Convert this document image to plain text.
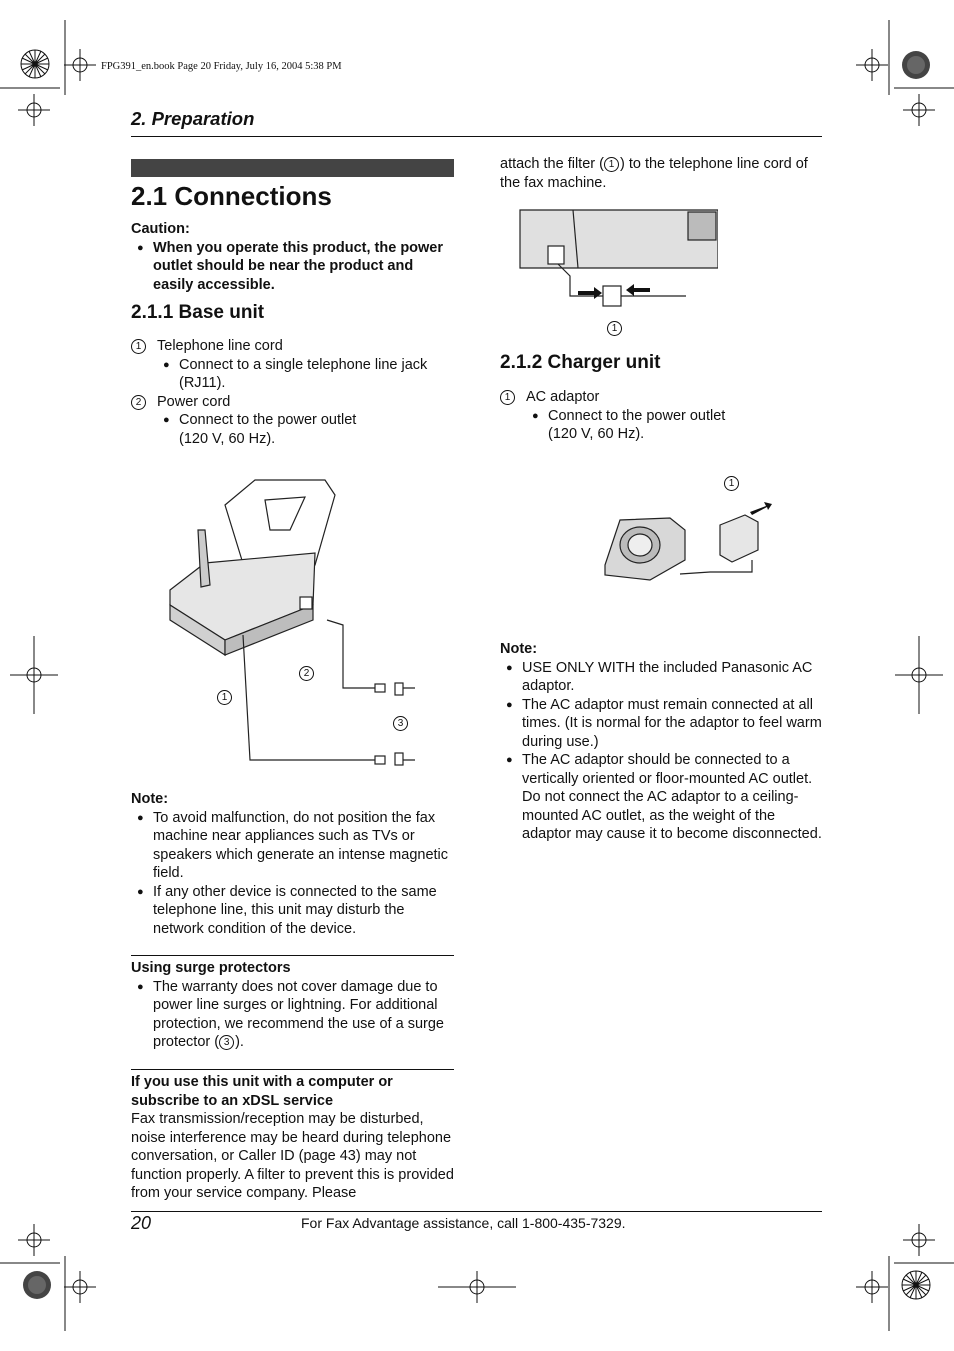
FPG391_en.book Page 20 Friday, July 16, 2004 5:38 PM
2. Preparation
2.1 Connections
Caution:
● When you operate this product, the power outlet should be near the product and easily accessible.
2.1.1 Base unit
1	Telephone line cord
● Connect to a single telephone line jack (RJ11).
2	Power cord
● Connect to the power outlet
(120 V, 60 Hz).
1
2
3
Note:
● To avoid malfunction, do not position the fax machine near appliances such as TVs or speakers which generate an intense magnetic field.
● If any other device is connected to the same telephone line, this unit may disturb the network condition of the device.
Using surge protectors
● The warranty does not cover damage due to power line surges or lightning. For additional protection, we recommend the use of a surge protector ( 3 ).
If you use this unit with a computer or subscribe to an xDSL service
Fax transmission/reception may be disturbed, noise interference may be heard during telephone conversation, or Caller ID (page 43) may not function properly. A filter to prevent this is provided from your service company. Please
attach the filter ( 1 ) to the telephone line cord of the fax machine.
1
2.1.2 Charger unit
1	AC adaptor
● Connect to the power outlet
(120 V, 60 Hz).
1
Note:
● USE ONLY WITH the included Panasonic AC adaptor.
● The AC adaptor must remain connected at all times. (It is normal for the adaptor to feel warm during use.)
● The AC adaptor should be connected to a vertically oriented or floor-mounted AC outlet. Do not connect the AC adaptor to a ceiling-mounted AC outlet, as the weight of the adaptor may cause it to become disconnected.
20	For Fax Advantage assistance, call 1-800-435-7329.
